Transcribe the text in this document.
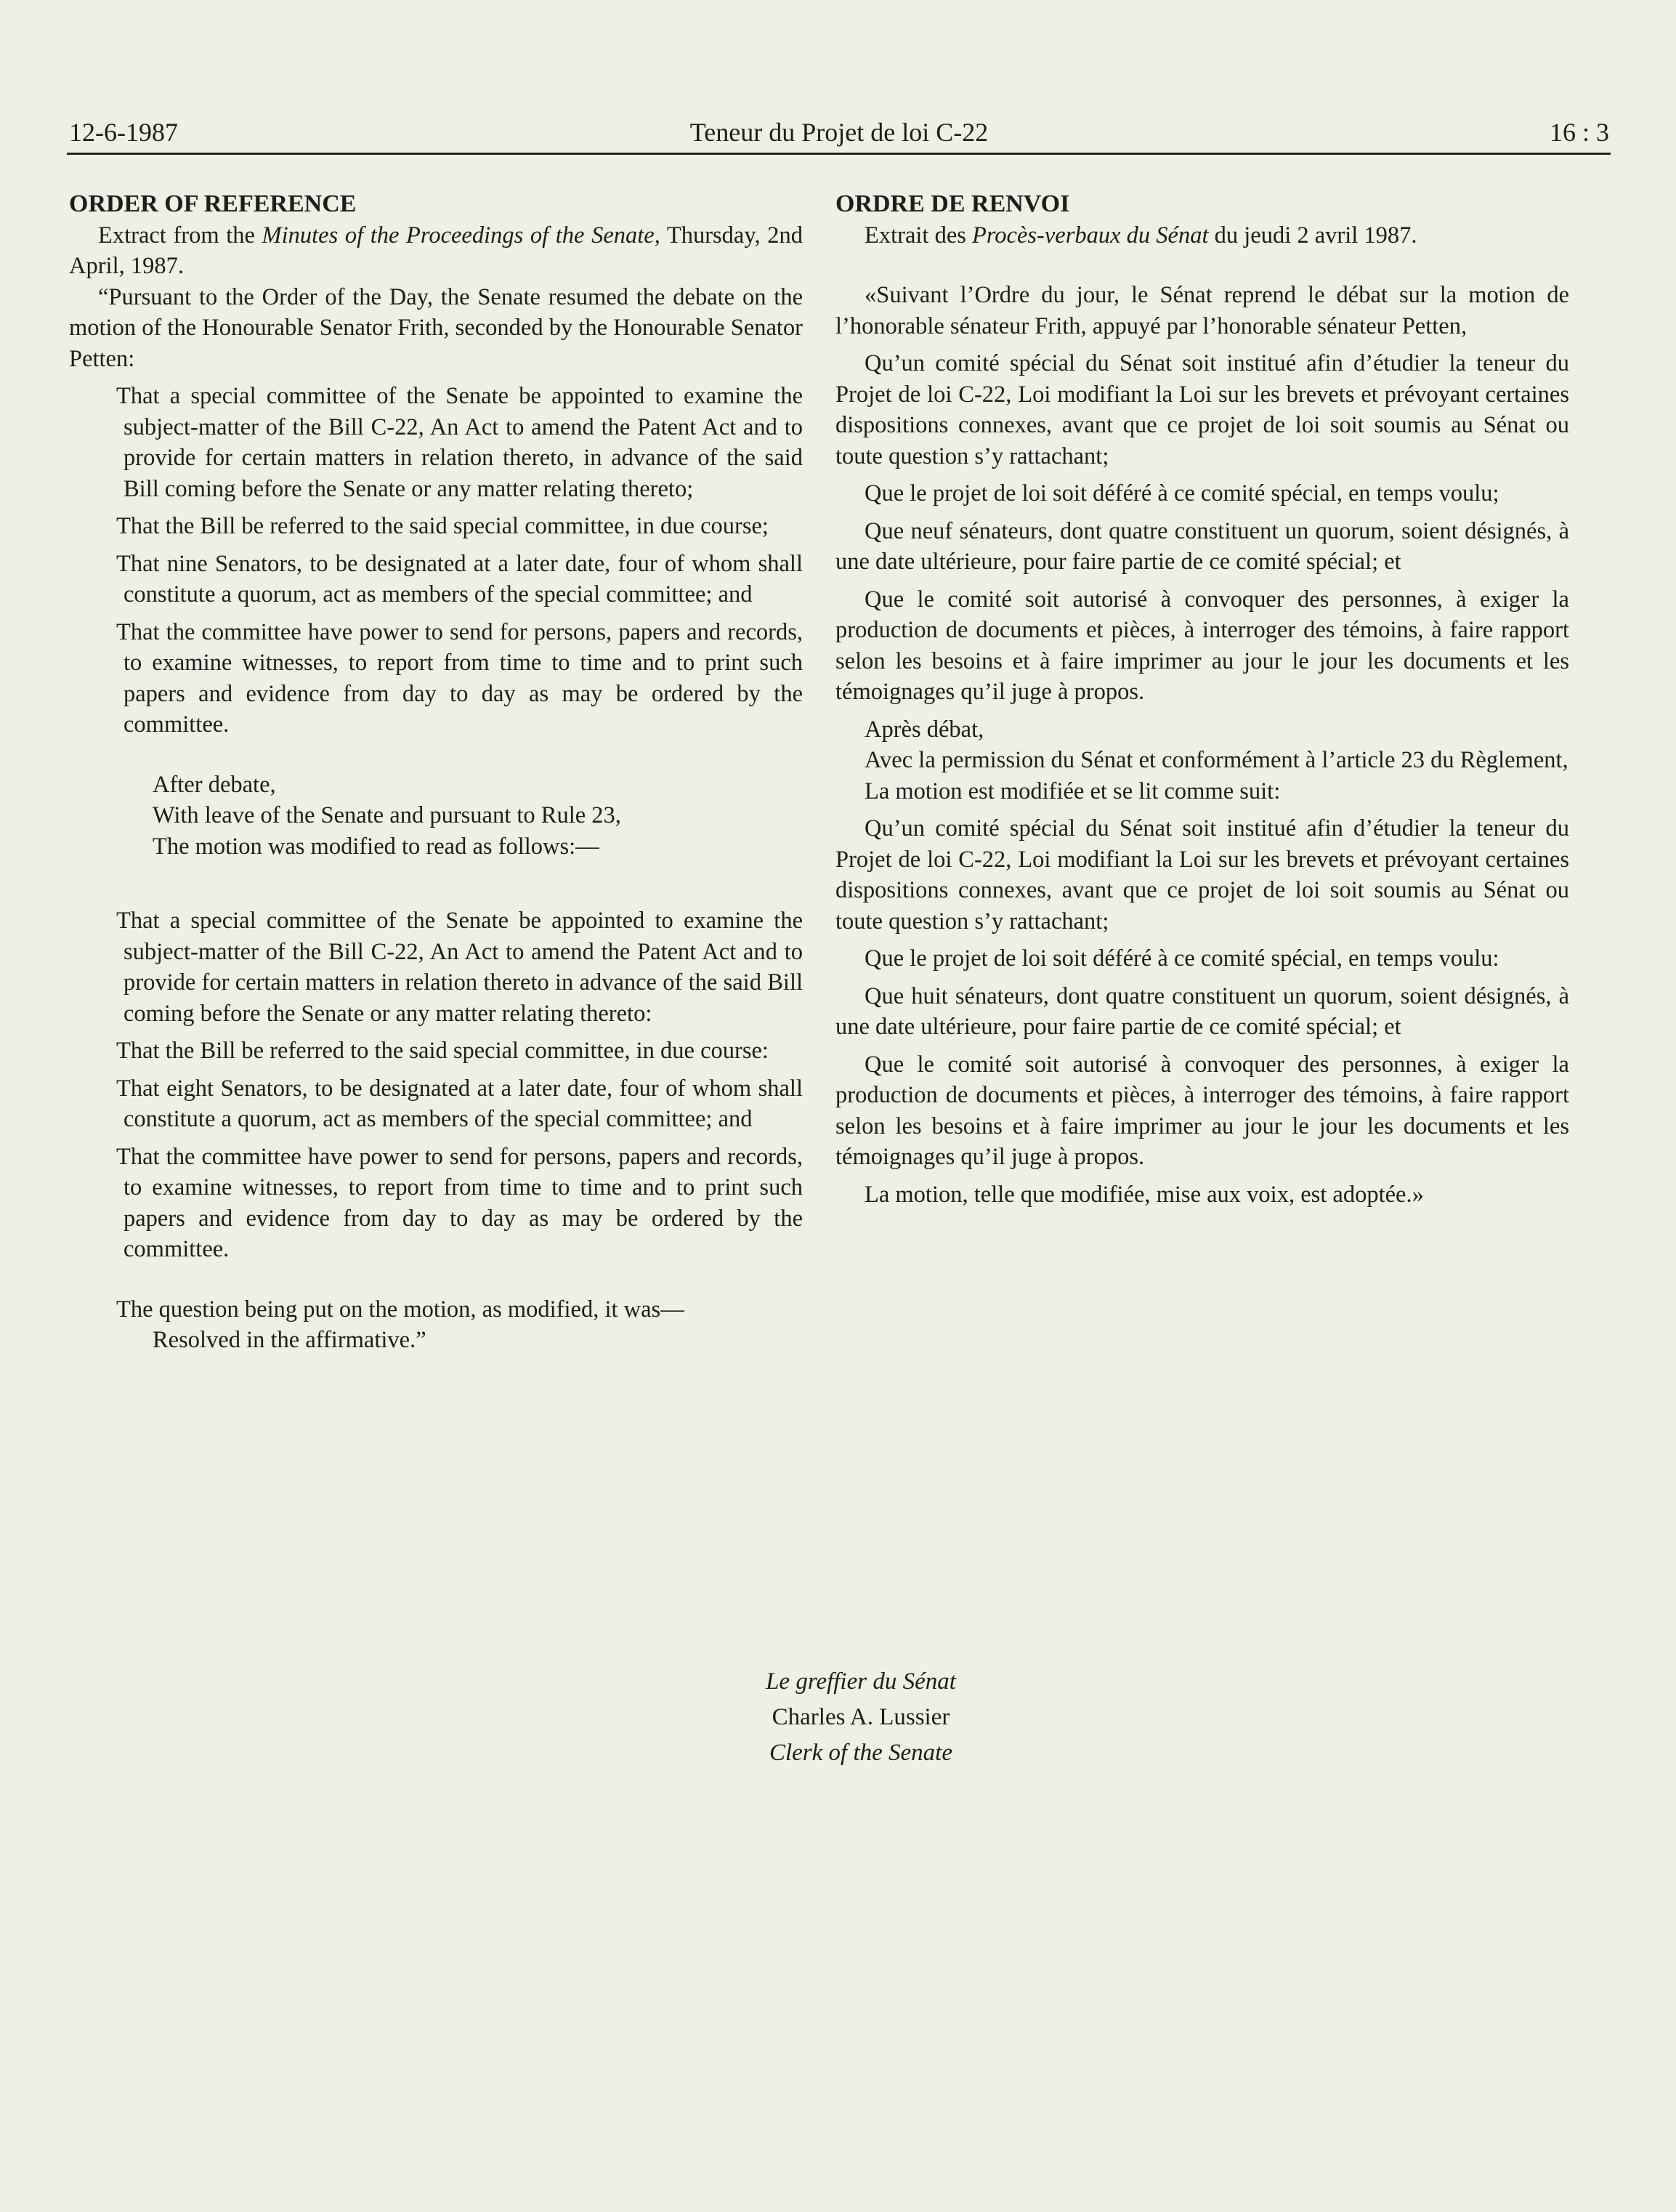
12-6-1987	Teneur du Projet de loi C-22	16 : 3

ORDER OF REFERENCE

Extract from the Minutes of the Proceedings of the Senate, Thursday, 2nd April, 1987.

“Pursuant to the Order of the Day, the Senate resumed the debate on the motion of the Honourable Senator Frith, seconded by the Honourable Senator Petten:

That a special committee of the Senate be appointed to examine the subject-matter of the Bill C-22, An Act to amend the Patent Act and to provide for certain matters in relation thereto, in advance of the said Bill coming before the Senate or any matter relating thereto;

That the Bill be referred to the said special committee, in due course;

That nine Senators, to be designated at a later date, four of whom shall constitute a quorum, act as members of the special committee; and

That the committee have power to send for persons, papers and records, to examine witnesses, to report from time to time and to print such papers and evidence from day to day as may be ordered by the committee.

After debate,

With leave of the Senate and pursuant to Rule 23,

The motion was modified to read as follows:—

That a special committee of the Senate be appointed to examine the subject-matter of the Bill C-22, An Act to amend the Patent Act and to provide for certain matters in relation thereto in advance of the said Bill coming before the Senate or any matter relating thereto:

That the Bill be referred to the said special committee, in due course:

That eight Senators, to be designated at a later date, four of whom shall constitute a quorum, act as members of the special committee; and

That the committee have power to send for persons, papers and records, to examine witnesses, to report from time to time and to print such papers and evidence from day to day as may be ordered by the committee.

The question being put on the motion, as modified, it was—

Resolved in the affirmative.”

ORDRE DE RENVOI

Extrait des Procès-verbaux du Sénat du jeudi 2 avril 1987.

«Suivant l’Ordre du jour, le Sénat reprend le débat sur la motion de l’honorable sénateur Frith, appuyé par l’honorable sénateur Petten,

Qu’un comité spécial du Sénat soit institué afin d’étudier la teneur du Projet de loi C-22, Loi modifiant la Loi sur les brevets et prévoyant certaines dispositions connexes, avant que ce projet de loi soit soumis au Sénat ou toute question s’y rattachant;

Que le projet de loi soit déféré à ce comité spécial, en temps voulu;

Que neuf sénateurs, dont quatre constituent un quorum, soient désignés, à une date ultérieure, pour faire partie de ce comité spécial; et

Que le comité soit autorisé à convoquer des personnes, à exiger la production de documents et pièces, à interroger des témoins, à faire rapport selon les besoins et à faire imprimer au jour le jour les documents et les témoignages qu’il juge à propos.

Après débat,

Avec la permission du Sénat et conformément à l’article 23 du Règlement,

La motion est modifiée et se lit comme suit:

Qu’un comité spécial du Sénat soit institué afin d’étudier la teneur du Projet de loi C-22, Loi modifiant la Loi sur les brevets et prévoyant certaines dispositions connexes, avant que ce projet de loi soit soumis au Sénat ou toute question s’y rattachant;

Que le projet de loi soit déféré à ce comité spécial, en temps voulu:

Que huit sénateurs, dont quatre constituent un quorum, soient désignés, à une date ultérieure, pour faire partie de ce comité spécial; et

Que le comité soit autorisé à convoquer des personnes, à exiger la production de documents et pièces, à interroger des témoins, à faire rapport selon les besoins et à faire imprimer au jour le jour les documents et les témoignages qu’il juge à propos.

La motion, telle que modifiée, mise aux voix, est adoptée.»

Le greffier du Sénat
Charles A. Lussier
Clerk of the Senate
